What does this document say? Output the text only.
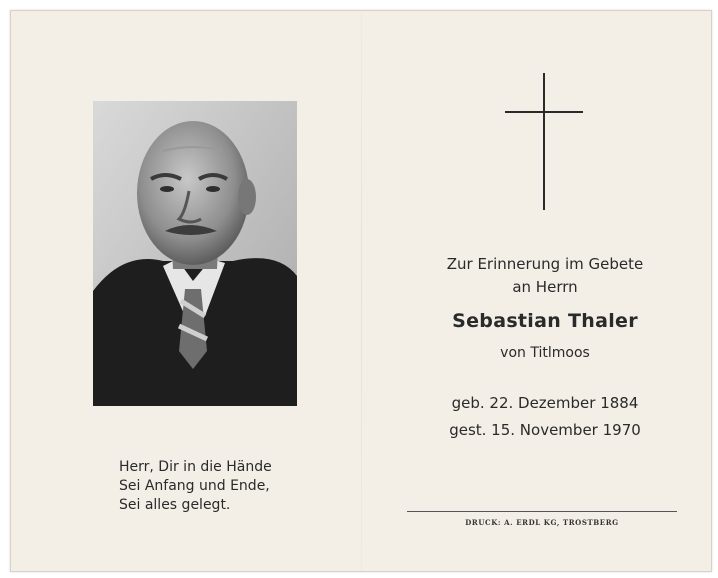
Herr, Dir in die Hände
Sei Anfang und Ende,
Sei alles gelegt.
Zur Erinnerung im Gebete
an Herrn
Sebastian Thaler
von Titlmoos
geb. 22. Dezember 1884
gest. 15. November 1970
DRUCK: A. ERDL KG, TROSTBERG
